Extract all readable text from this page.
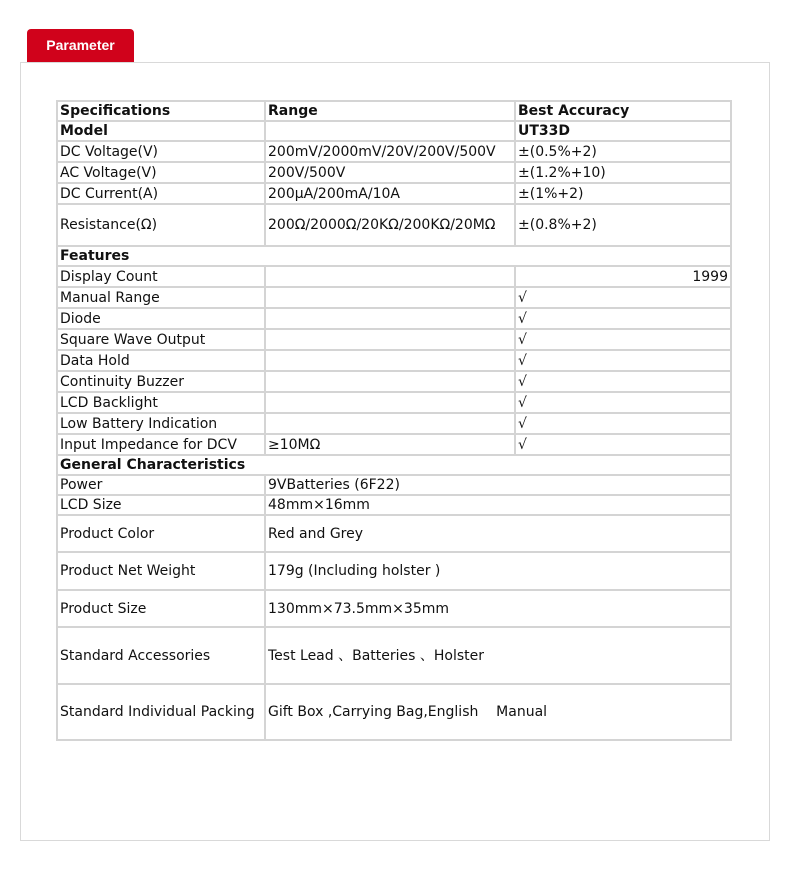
Parameter
Specifications	Range	Best Accuracy
Model		UT33D
DC Voltage(V)	200mV/2000mV/20V/200V/500V	±(0.5%+2)
AC Voltage(V)	200V/500V	±(1.2%+10)
DC Current(A)	200μA/200mA/10A	±(1%+2)
Resistance(Ω)	200Ω/2000Ω/20KΩ/200KΩ/20MΩ	±(0.8%+2)
Features		
Display Count		1999
Manual Range		√
Diode		√
Square Wave Output		√
Data Hold		√
Continuity Buzzer		√
LCD Backlight		√
Low Battery Indication		√
Input Impedance for DCV	≥10MΩ	√
General Characteristics		
Power	9VBatteries (6F22)	
LCD Size	48mm×16mm	
Product Color	Red and Grey	
Product Net Weight	179g (Including holster )	
Product Size	130mm×73.5mm×35mm	
Standard Accessories	Test Lead 、Batteries 、Holster	
Standard Individual Packing	Gift Box ,Carrying Bag,English    Manual	
